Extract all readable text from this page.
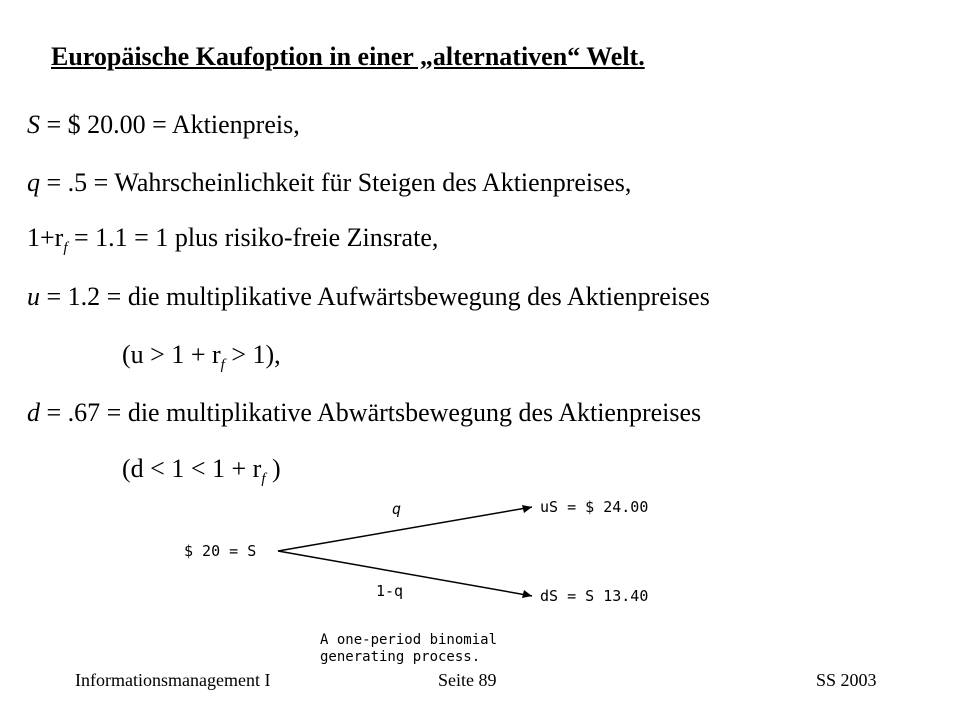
Europäische Kaufoption in einer „alternativen“ Welt.
S = $ 20.00 = Aktienpreis,
q = .5 = Wahrscheinlichkeit für Steigen des Aktienpreises,
$1+r_f = 1.1 = 1$ plus risiko-freie Zinsrate,
u = 1.2 = die multiplikative Aufwärtsbewegung des Aktienpreises
$(u > 1 + r_f > 1)$,
d = .67 = die multiplikative Abwärtsbewegung des Aktienpreises
($d < 1 < 1 + r_f$ )
$ 20 = S
q
1-q
uS = $ 24.00
dS = S 13.40
A one-period binomial
generating process.
Informationsmanagement I	Seite 89	SS 2003
